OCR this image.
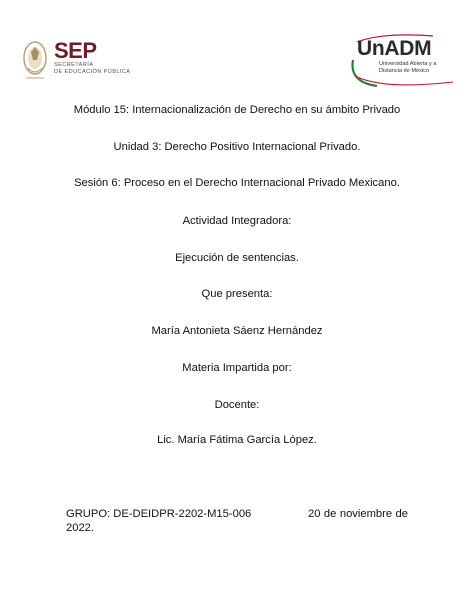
SEP
SECRETARÍA
DE EDUCACIÓN PÚBLICA
UnADM
Universidad Abierta y a
Distancia de México
Módulo 15: Internacionalización de Derecho en su ámbito Privado
Unidad 3: Derecho Positivo Internacional Privado.
Sesión 6: Proceso en el Derecho Internacional Privado Mexicano.
Actividad Integradora:
Ejecución de sentencias.
Que presenta:
María Antonieta Sáenz Hernández
Materia Impartida por:
Docente:
Lic. María Fátima García López.
GRUPO: DE-DEIDPR-2202-M15-006	20 de noviembre de
2022.
